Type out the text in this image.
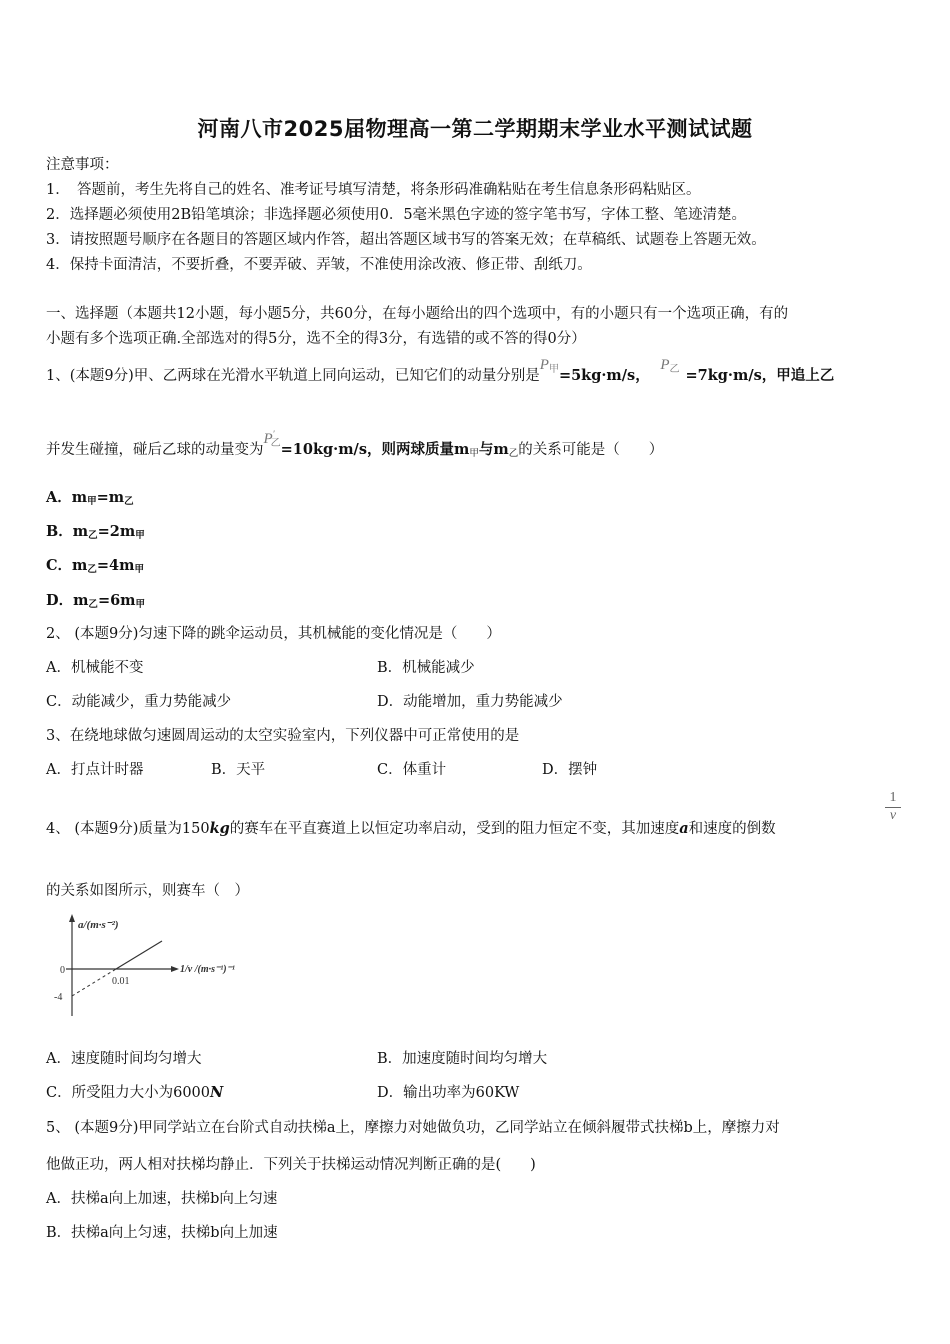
河南八市2025届物理高一第二学期期末学业水平测试试题
注意事项：
1．　答题前，考生先将自己的姓名、准考证号填写清楚，将条形码准确粘贴在考生信息条形码粘贴区。
2．选择题必须使用2B铅笔填涂；非选择题必须使用0．5毫米黑色字迹的签字笔书写，字体工整、笔迹清楚。
3．请按照题号顺序在各题目的答题区域内作答，超出答题区域书写的答案无效；在草稿纸、试题卷上答题无效。
4．保持卡面清洁，不要折叠，不要弄破、弄皱，不准使用涂改液、修正带、刮纸刀。
一、选择题（本题共12小题，每小题5分，共60分，在每小题给出的四个选项中，有的小题只有一个选项正确，有的
小题有多个选项正确.全部选对的得5分，选不全的得3分，有选错的或不答的得0分）
1、(本题9分)甲、乙两球在光滑水平轨道上同向运动，已知它们的动量分别是$P_甲=5kg\cdot m/s$， $P_乙 =7kg\cdot m/s$，甲追上乙
并发生碰撞，碰后乙球的动量变为$P'_乙=10kg\cdot m/s$，则两球质量$m_甲$与$m_乙$的关系可能是（　　）
A．$m_甲=m_乙$
B．$m_乙=2m_甲$
C．$m_乙=4m_甲$
D．$m_乙=6m_甲$
2、 (本题9分)匀速下降的跳伞运动员，其机械能的变化情况是（　　）
A．机械能不变	B．机械能减少
C．动能减少，重力势能减少	D．动能增加，重力势能减少
3、在绕地球做匀速圆周运动的太空实验室内，下列仪器中可正常使用的是
A．打点计时器	B．天平	C．体重计	D．摆钟
4、 (本题9分)质量为150kg的赛车在平直赛道上以恒定功率启动，受到的阻力恒定不变，其加速度a和速度的倒数
$\frac{1}{v}$
的关系如图所示，则赛车（　）
a/(m·s⁻²)
1/v /(m·s⁻¹)⁻¹
0
-4
0.01
A．速度随时间均匀增大	B．加速度随时间均匀增大
C．所受阻力大小为6000N	D．输出功率为60KW
5、 (本题9分)甲同学站立在台阶式自动扶梯a上，摩擦力对她做负功，乙同学站立在倾斜履带式扶梯b上，摩擦力对
他做正功，两人相对扶梯均静止．下列关于扶梯运动情况判断正确的是(　　)
A．扶梯a向上加速，扶梯b向上匀速
B．扶梯a向上匀速，扶梯b向上加速
